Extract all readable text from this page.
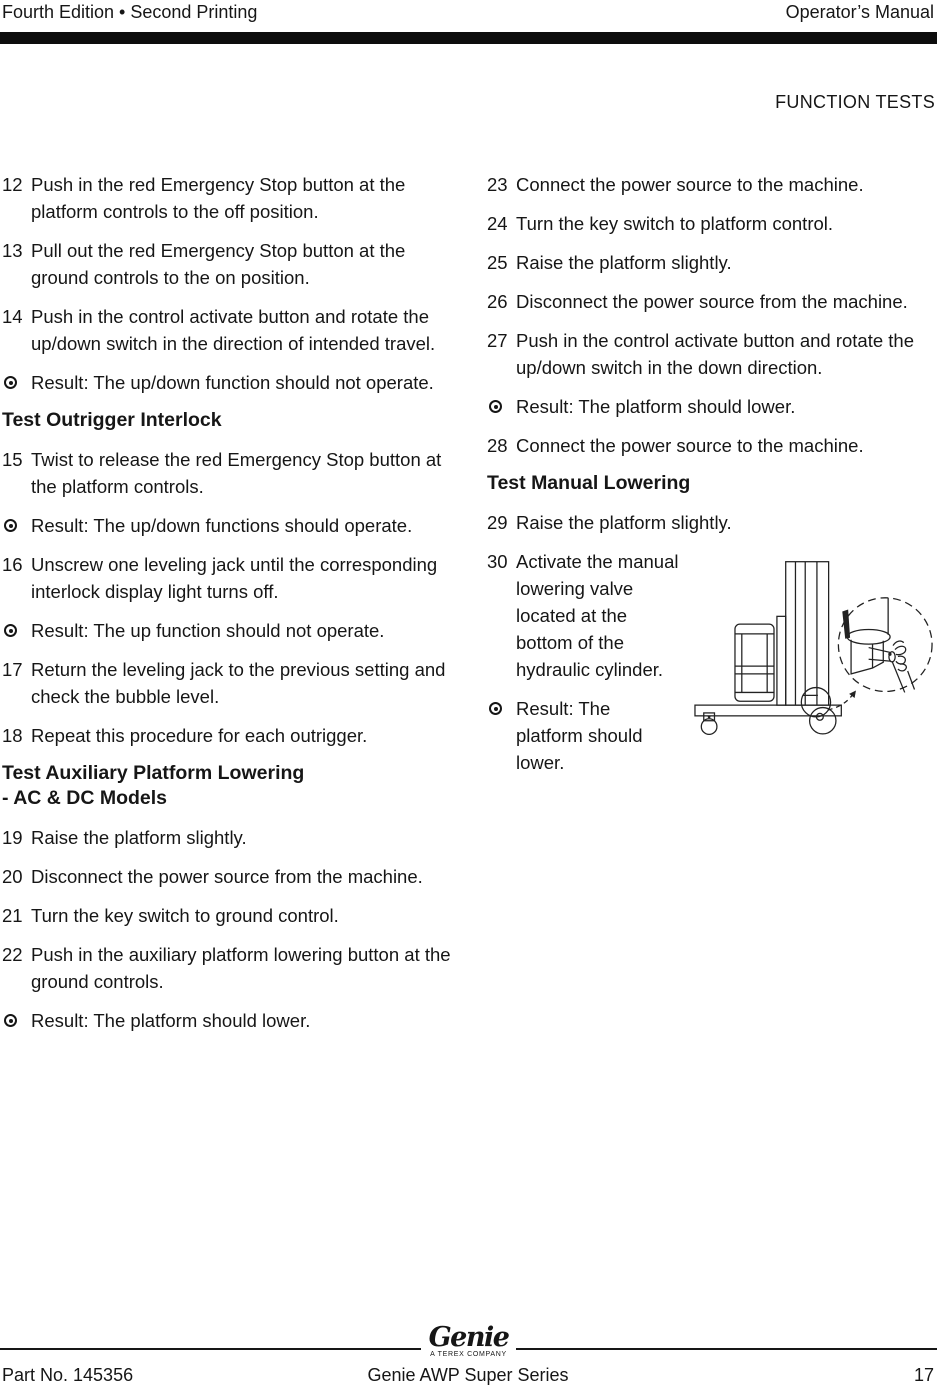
Fourth Edition • Second Printing	Operator’s Manual
FUNCTION TESTS
12 Push in the red Emergency Stop button at the platform controls to the off position.
13 Pull out the red Emergency Stop button at the ground controls to the on position.
14 Push in the control activate button and rotate the up/down switch in the direction of intended travel.
Result: The up/down function should not operate.
Test Outrigger Interlock
15 Twist to release the red Emergency Stop button at the platform controls.
Result: The up/down functions should operate.
16 Unscrew one leveling jack until the corresponding interlock display light turns off.
Result: The up function should not operate.
17 Return the leveling jack to the previous setting and check the bubble level.
18 Repeat this procedure for each outrigger.
Test Auxiliary Platform Lowering
- AC & DC Models
19 Raise the platform slightly.
20 Disconnect the power source from the machine.
21 Turn the key switch to ground control.
22 Push in the auxiliary platform lowering button at the ground controls.
Result: The platform should lower.
23 Connect the power source to the machine.
24 Turn the key switch to platform control.
25 Raise the platform slightly.
26 Disconnect the power source from the machine.
27 Push in the control activate button and rotate the up/down switch in the down direction.
Result: The platform should lower.
28 Connect the power source to the machine.
Test Manual Lowering
29 Raise the platform slightly.
30 Activate the manual lowering valve located at the bottom of the hydraulic cylinder.
Result: The platform should lower.
Genie
A TEREX COMPANY
Part No. 145356	Genie AWP Super Series	17
